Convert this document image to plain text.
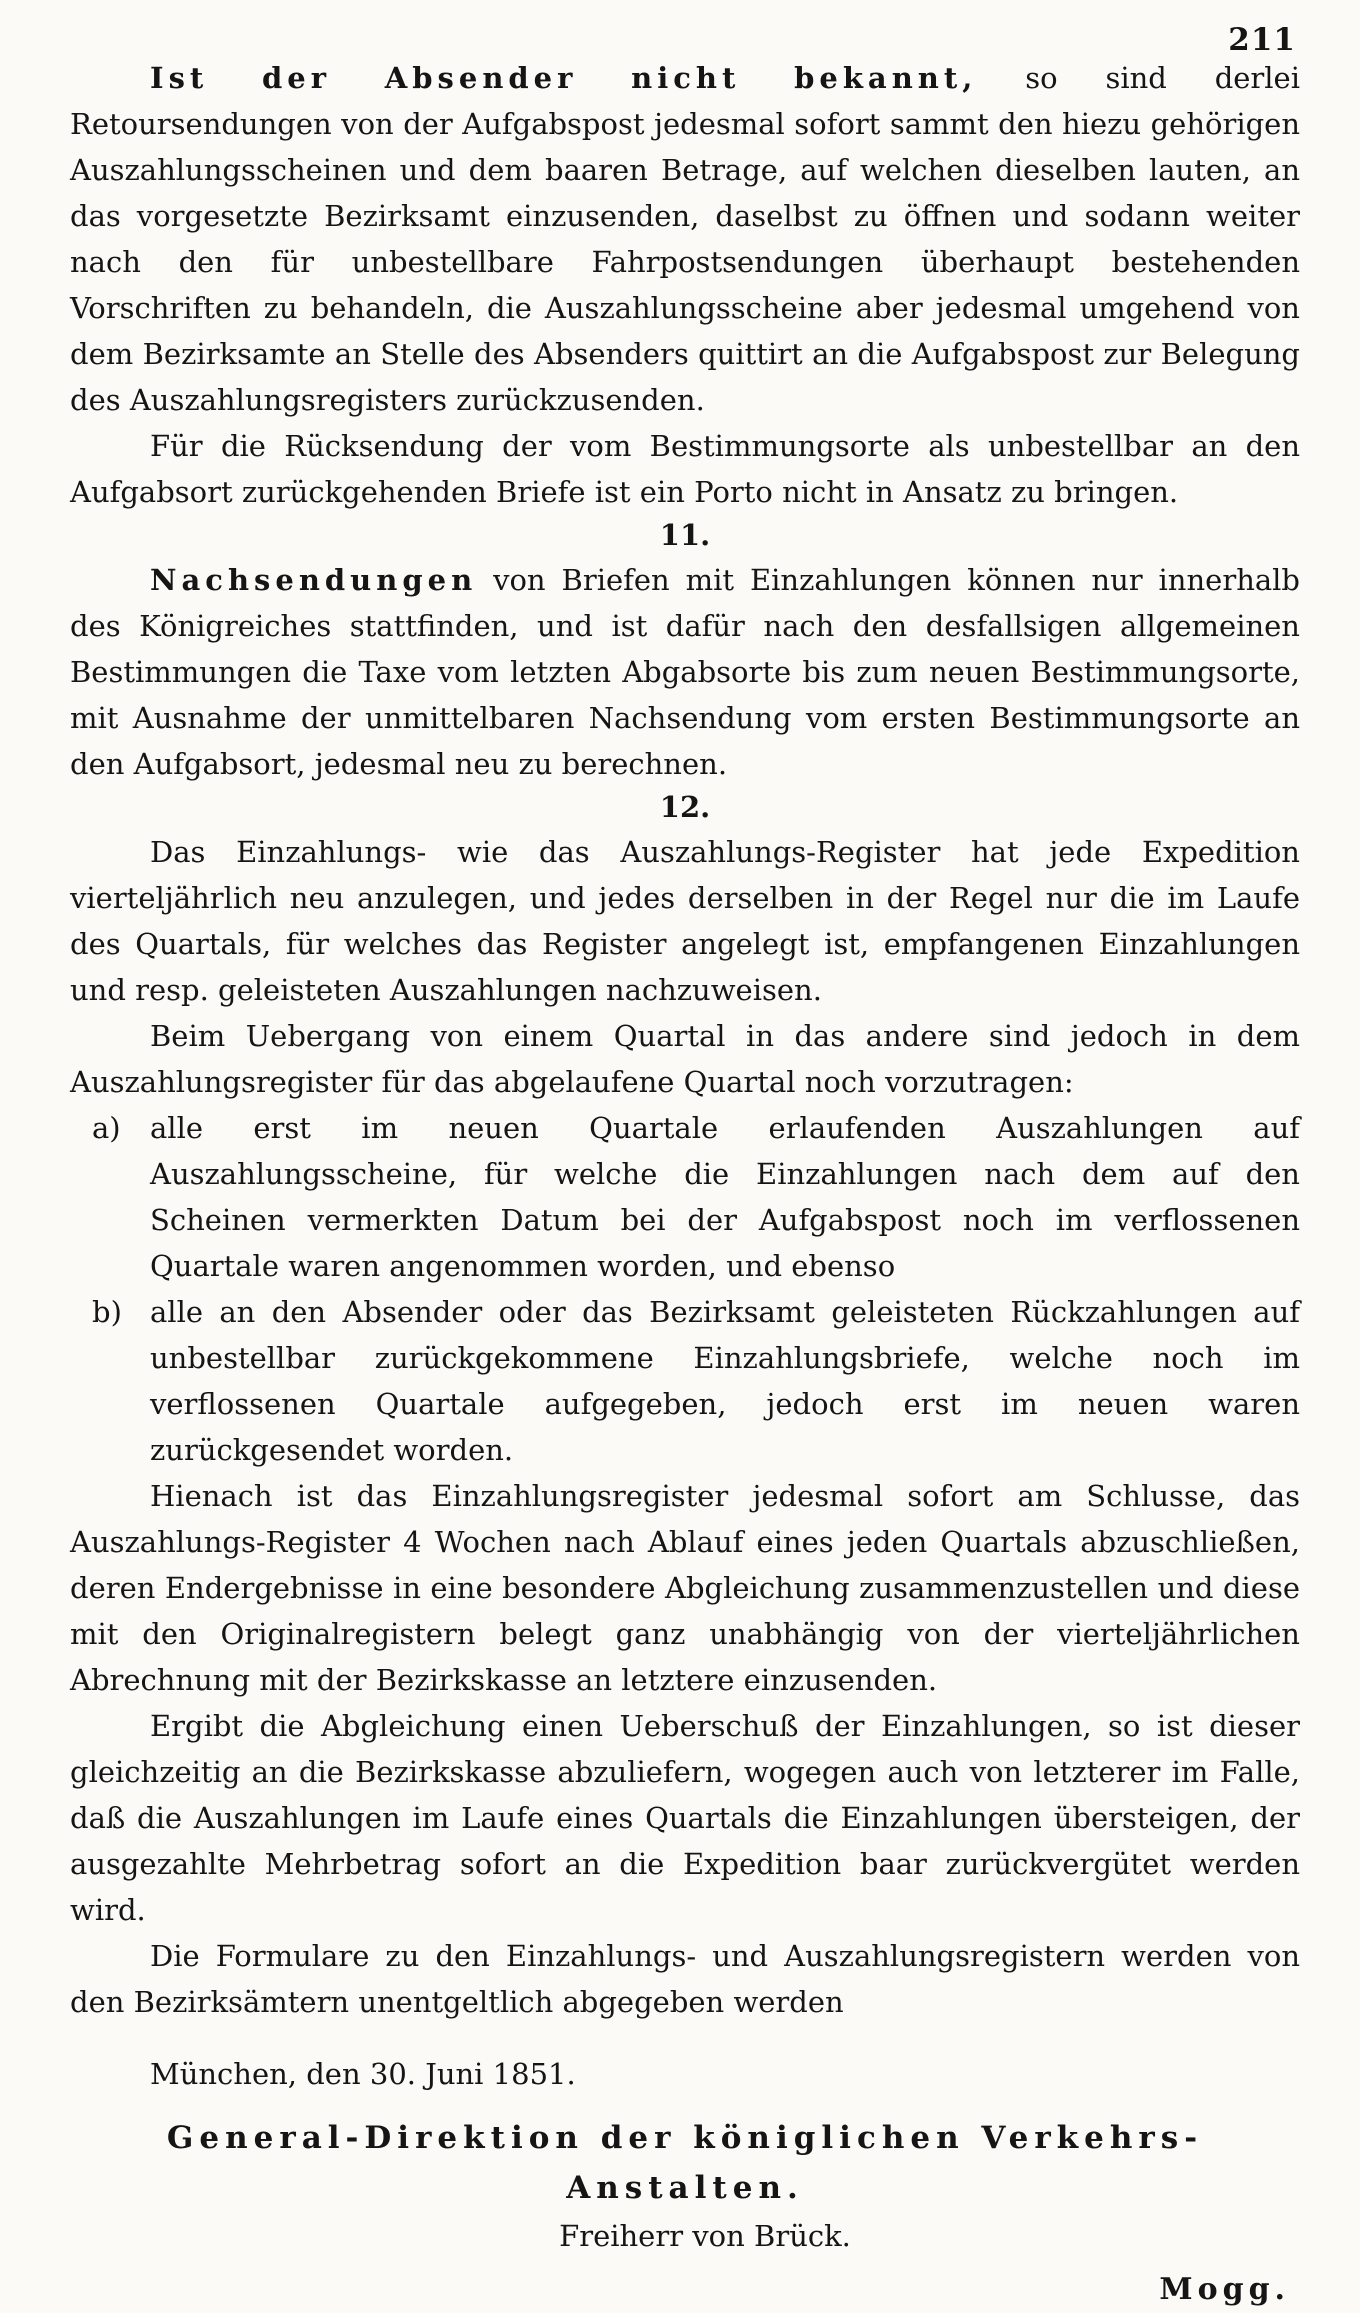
211

Ist der Absender nicht bekannt, so sind derlei Retoursendungen von der Aufgabspost jedesmal sofort sammt den hiezu gehörigen Auszahlungsscheinen und dem baaren Betrage, auf welchen dieselben lauten, an das vorgesetzte Bezirksamt einzusenden, daselbst zu öffnen und sodann weiter nach den für unbestellbare Fahrpostsendungen überhaupt bestehenden Vorschriften zu behandeln, die Auszahlungsscheine aber jedesmal umgehend von dem Bezirksamte an Stelle des Absenders quittirt an die Aufgabspost zur Belegung des Auszahlungsregisters zurückzusenden.

Für die Rücksendung der vom Bestimmungsorte als unbestellbar an den Aufgabsort zurückgehenden Briefe ist ein Porto nicht in Ansatz zu bringen.

11.

Nachsendungen von Briefen mit Einzahlungen können nur innerhalb des Königreiches stattfinden, und ist dafür nach den desfallsigen allgemeinen Bestimmungen die Taxe vom letzten Abgabsorte bis zum neuen Bestimmungsorte, mit Ausnahme der unmittelbaren Nachsendung vom ersten Bestimmungsorte an den Aufgabsort, jedesmal neu zu berechnen.

12.

Das Einzahlungs- wie das Auszahlungs-Register hat jede Expedition vierteljährlich neu anzulegen, und jedes derselben in der Regel nur die im Laufe des Quartals, für welches das Register angelegt ist, empfangenen Einzahlungen und resp. geleisteten Auszahlungen nachzuweisen.

Beim Uebergang von einem Quartal in das andere sind jedoch in dem Auszahlungsregister für das abgelaufene Quartal noch vorzutragen:

a) alle erst im neuen Quartale erlaufenden Auszahlungen auf Auszahlungsscheine, für welche die Einzahlungen nach dem auf den Scheinen vermerkten Datum bei der Aufgabspost noch im verflossenen Quartale waren angenommen worden, und ebenso

b) alle an den Absender oder das Bezirksamt geleisteten Rückzahlungen auf unbestellbar zurückgekommene Einzahlungsbriefe, welche noch im verflossenen Quartale aufgegeben, jedoch erst im neuen waren zurückgesendet worden.

Hienach ist das Einzahlungsregister jedesmal sofort am Schlusse, das Auszahlungs-Register 4 Wochen nach Ablauf eines jeden Quartals abzuschließen, deren Endergebnisse in eine besondere Abgleichung zusammenzustellen und diese mit den Originalregistern belegt ganz unabhängig von der vierteljährlichen Abrechnung mit der Bezirkskasse an letztere einzusenden.

Ergibt die Abgleichung einen Ueberschuß der Einzahlungen, so ist dieser gleichzeitig an die Bezirkskasse abzuliefern, wogegen auch von letzterer im Falle, daß die Auszahlungen im Laufe eines Quartals die Einzahlungen übersteigen, der ausgezahlte Mehrbetrag sofort an die Expedition baar zurückvergütet werden wird.

Die Formulare zu den Einzahlungs- und Auszahlungsregistern werden von den Bezirksämtern unentgeltlich abgegeben werden

München, den 30. Juni 1851.
General-Direktion der königlichen Verkehrs-Anstalten.
Freiherr von Brück.
Mogg.
